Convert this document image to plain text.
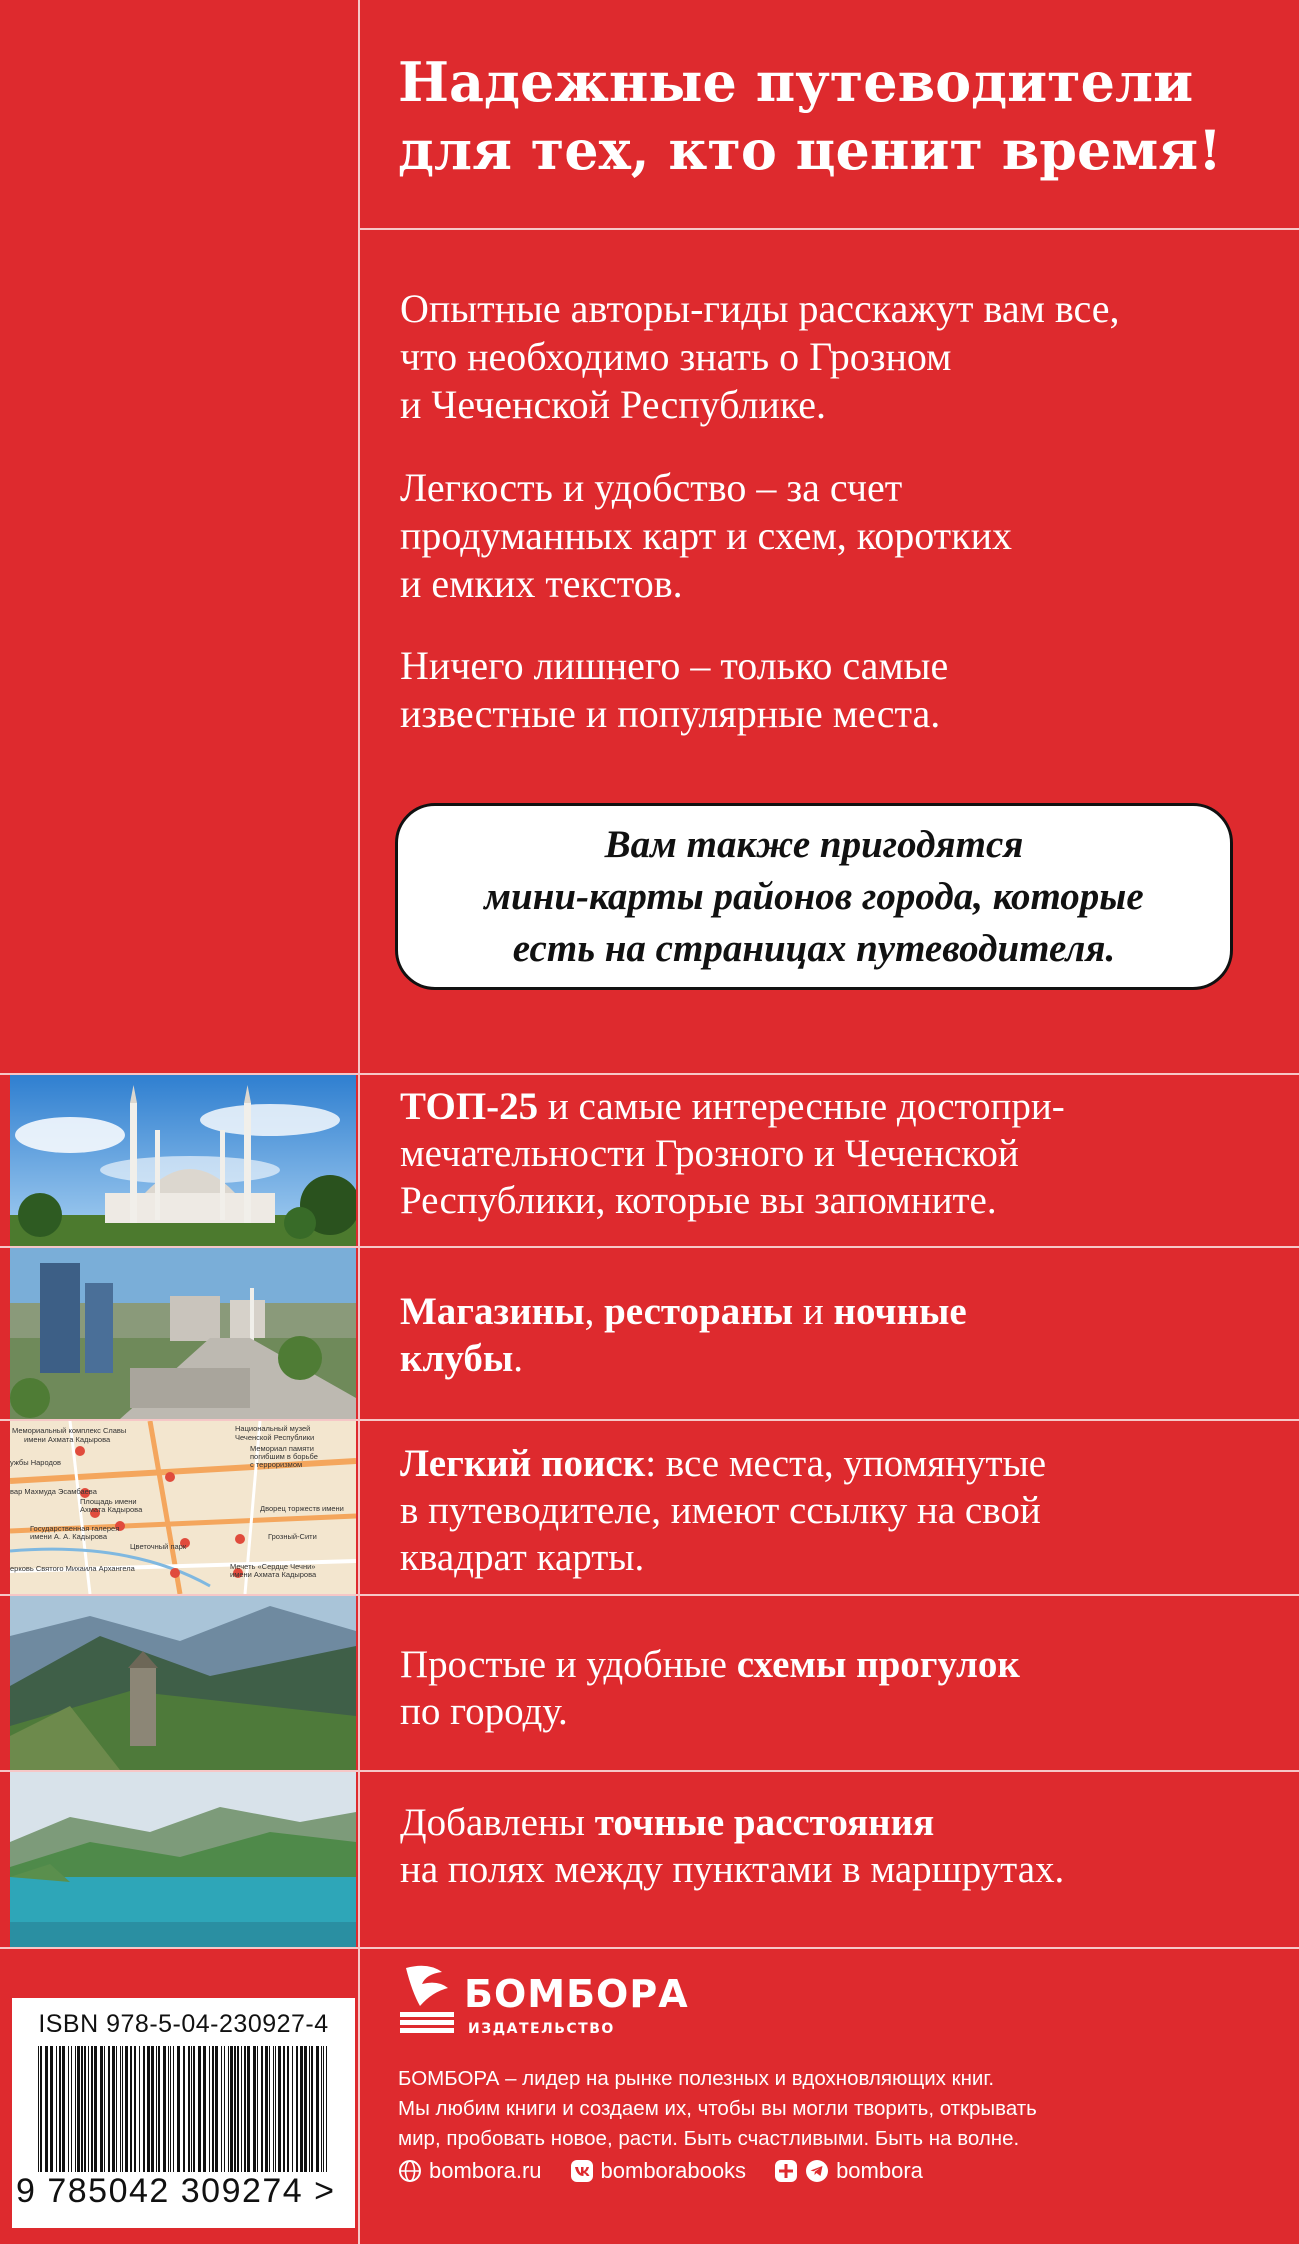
Надежные путеводители
для тех, кто ценит время!

Опытные авторы-гиды расскажут вам все,
что необходимо знать о Грозном
и Чеченской Республике.

Легкость и удобство – за счет
продуманных карт и схем, коротких
и емких текстов.

Ничего лишнего – только самые
известные и популярные места.

Вам также пригодятся
мини-карты районов города, которые
есть на страницах путеводителя.
Мемориальный комплекс Славы
имени Ахмата Кадырова
Национальный музей
Чеченской Республики
Мемориал памяти
погибшим в борьбе
с терроризмом
ужбы Народов
вар Махмуда Эсамбаева
Площадь имени
Ахмата Кадырова	Дворец торжеств имени
Государственная галерея
имени А. А. Кадырова
Цветочный парк
Грозный-Сити
ерковь Святого Михаила Архангела	Мечеть «Сердце Чечни»
имени Ахмата Кадырова

ТОП-25 и самые интересные достопри-
мечательности Грозного и Чеченской
Республики, которые вы запомните.

Магазины, рестораны и ночные
клубы.

Легкий поиск: все места, упомянутые
в путеводителе, имеют ссылку на свой
квадрат карты.

Простые и удобные схемы прогулок
по городу.

Добавлены точные расстояния
на полях между пунктами в маршрутах.

ISBN 978-5-04-230927-4
9 785042 309274 >
БОМБОРА
ИЗДАТЕЛЬСТВО

БОМБОРА – лидер на рынке полезных и вдохновляющих книг.
Мы любим книги и создаем их, чтобы вы могли творить, открывать
мир, пробовать новое, расти. Быть счастливыми. Быть на волне.

bombora.ru	bomborabooks	bombora
